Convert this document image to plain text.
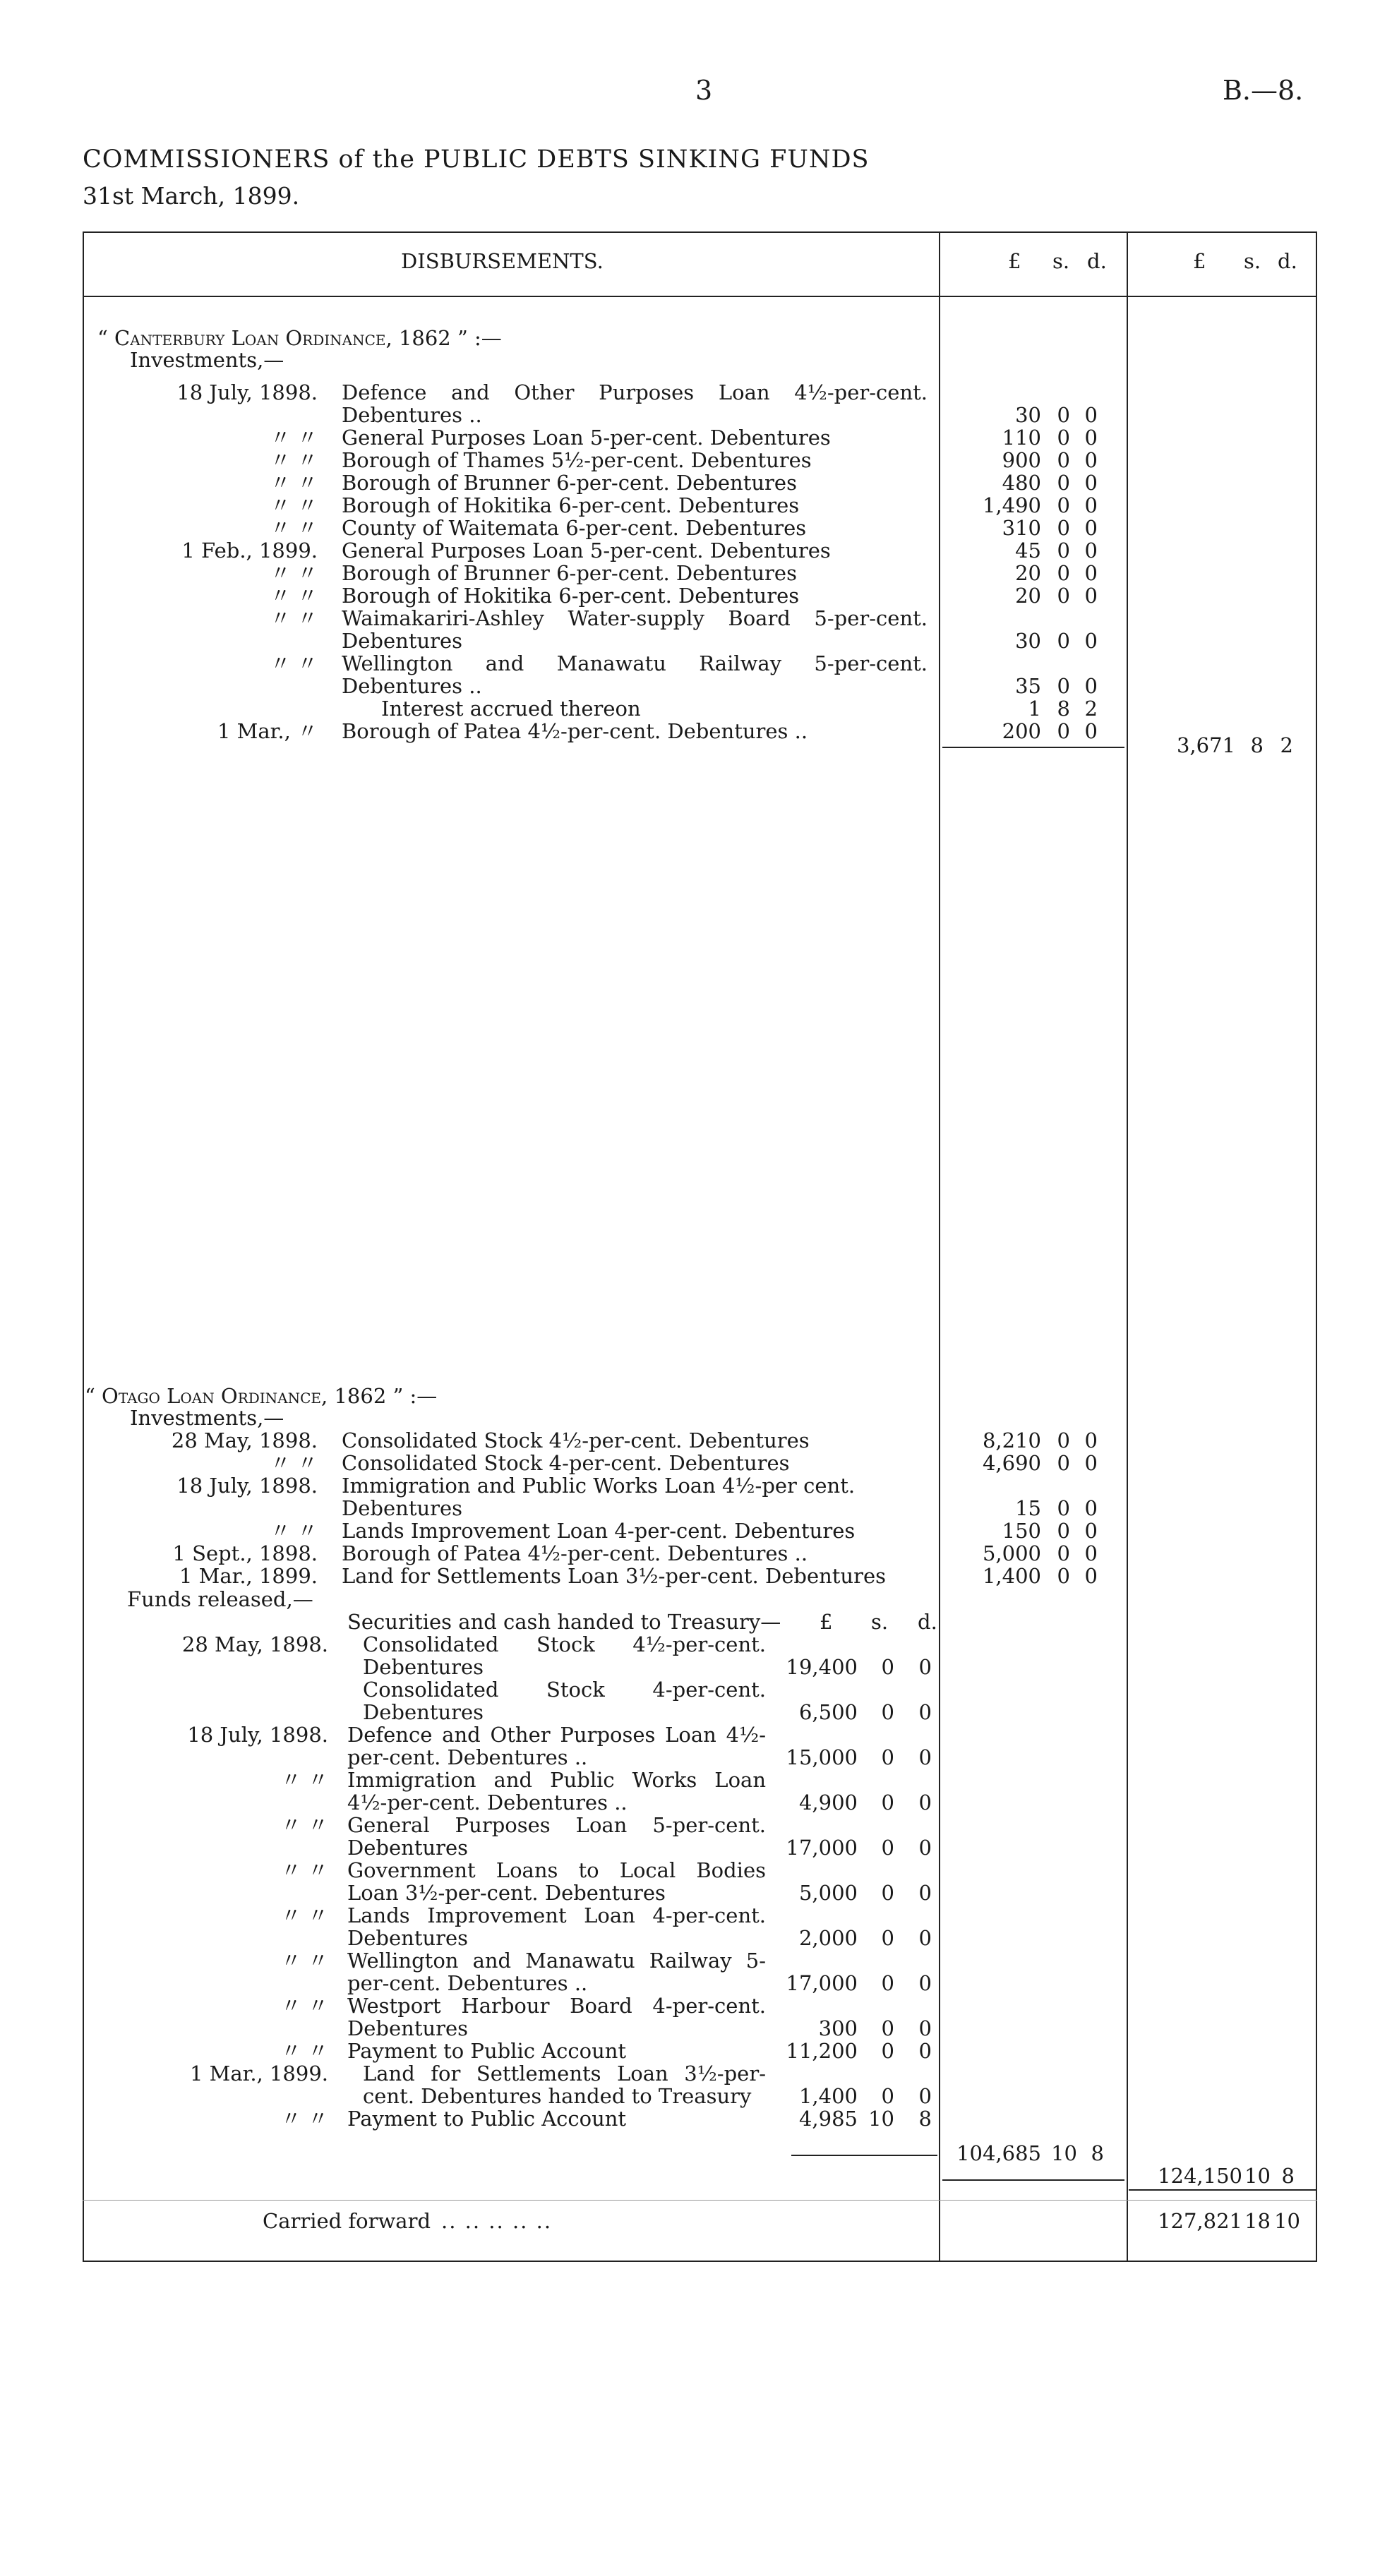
3	B.—8.
COMMISSIONERS of the PUBLIC DEBTS SINKING FUNDS
31st March, 1899.
DISBURSEMENTS.	£ s. d.	£ s. d.
“ Canterbury Loan Ordinance, 1862 ” :—
Investments,—
18 July, 1898. Defence and Other Purposes Loan 4½-per-cent. Debentures ..	30 0 0
〃 〃 General Purposes Loan 5-per-cent. Debentures	110 0 0
〃 〃 Borough of Thames 5½-per-cent. Debentures	900 0 0
〃 〃 Borough of Brunner 6-per-cent. Debentures	480 0 0
〃 〃 Borough of Hokitika 6-per-cent. Debentures	1,490 0 0
〃 〃 County of Waitemata 6-per-cent. Debentures	310 0 0
1 Feb., 1899. General Purposes Loan 5-per-cent. Debentures	45 0 0
〃 〃 Borough of Brunner 6-per-cent. Debentures	20 0 0
〃 〃 Borough of Hokitika 6-per-cent. Debentures	20 0 0
〃 〃 Waimakariri-Ashley Water-supply Board 5-per-cent. Debentures	30 0 0
〃 〃 Wellington and Manawatu Railway 5-per-cent. Debentures ..	35 0 0
Interest accrued thereon	1 8 2
1 Mar., 〃 Borough of Patea 4½-per-cent. Debentures ..	200 0 0
3,671 8 2
“ Otago Loan Ordinance, 1862 ” :—
Investments,—
28 May, 1898. Consolidated Stock 4½-per-cent. Debentures	8,210 0 0
〃 〃 Consolidated Stock 4-per-cent. Debentures	4,690 0 0
18 July, 1898. Immigration and Public Works Loan 4½-per cent. Debentures	15 0 0
〃 〃 Lands Improvement Loan 4-per-cent. Debentures	150 0 0
1 Sept., 1898. Borough of Patea 4½-per-cent. Debentures ..	5,000 0 0
1 Mar., 1899. Land for Settlements Loan 3½-per-cent. Debentures	1,400 0 0
Funds released,—
Securities and cash handed to Treasury— £ s. d.
28 May, 1898. Consolidated Stock 4½-per-cent. Debentures	19,400	0	0
Consolidated Stock 4-per-cent. Debentures	6,500	0	0
18 July, 1898. Defence and Other Purposes Loan 4½-per-cent. Debentures ..	15,000	0	0
〃 〃 Immigration and Public Works Loan 4½-per-cent. Debentures ..	4,900	0	0
〃 〃 General Purposes Loan 5-per-cent. Debentures	17,000	0	0
〃 〃 Government Loans to Local Bodies Loan 3½-per-cent. Debentures	5,000	0	0
〃 〃 Lands Improvement Loan 4-per-cent. Debentures	2,000	0	0
〃 〃 Wellington and Manawatu Railway 5-per-cent. Debentures ..	17,000	0	0
〃 〃 Westport Harbour Board 4-per-cent. Debentures	300	0	0
〃 〃 Payment to Public Account	11,200	0	0
1 Mar., 1899. Land for Settlements Loan 3½-per-cent. Debentures handed to Treasury	1,400	0	0
〃 〃 Payment to Public Account	4,985 10	8
104,685 10 8
124,150 10 8
Carried forward .. .. .. .. ..	127,821 18 10
